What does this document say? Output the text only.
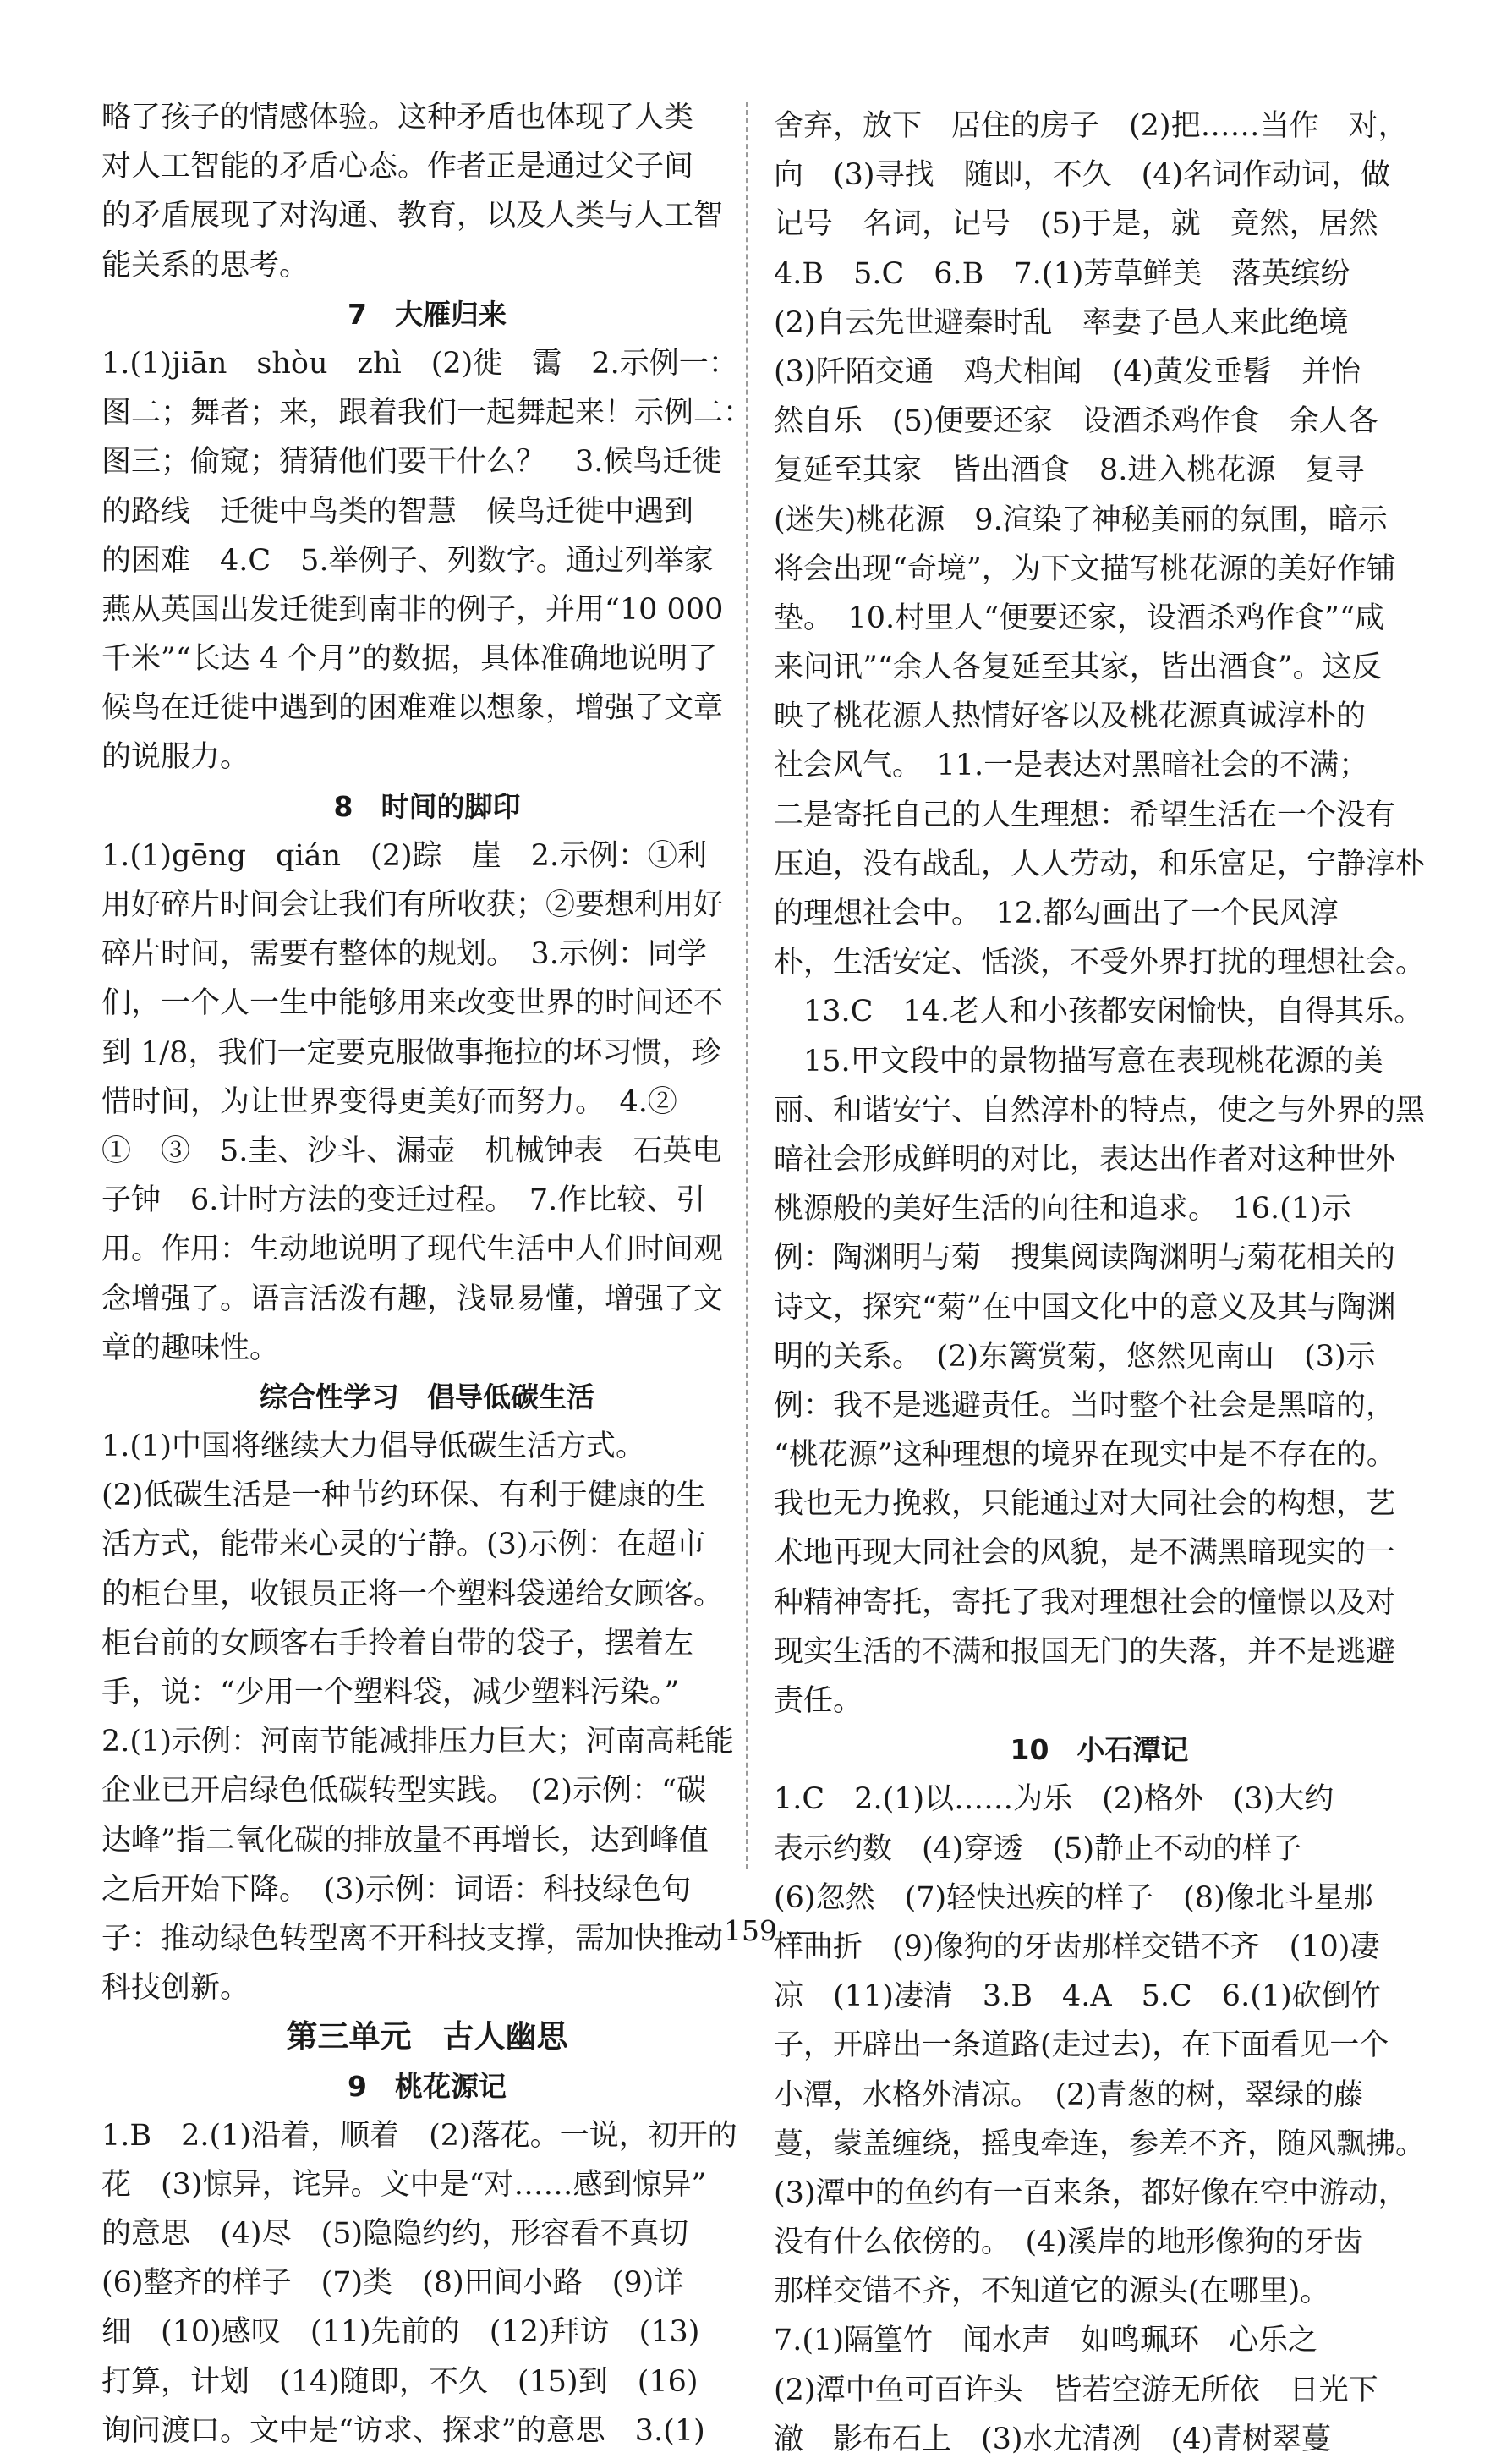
略了孩子的情感体验。这种矛盾也体现了人类
对人工智能的矛盾心态。作者正是通过父子间
的矛盾展现了对沟通、教育，以及人类与人工智
能关系的思考。
7　大雁归来
1.(1)jiān　shòu　zhì　(2)徙　霭　2.示例一：
图二；舞者；来，跟着我们一起舞起来！示例二：
图三；偷窥；猜猜他们要干什么？　3.候鸟迁徙
的路线　迁徙中鸟类的智慧　候鸟迁徙中遇到
的困难　4.C　5.举例子、列数字。通过列举家
燕从英国出发迁徙到南非的例子，并用“10 000
千米”“长达 4 个月”的数据，具体准确地说明了
候鸟在迁徙中遇到的困难难以想象，增强了文章
的说服力。
8　时间的脚印
1.(1)gēng　qián　(2)踪　崖　2.示例：①利
用好碎片时间会让我们有所收获；②要想利用好
碎片时间，需要有整体的规划。　3.示例：同学
们，一个人一生中能够用来改变世界的时间还不
到 1/8，我们一定要克服做事拖拉的坏习惯，珍
惜时间，为让世界变得更美好而努力。　4.②
①　③　5.圭、沙斗、漏壶　机械钟表　石英电
子钟　6.计时方法的变迁过程。　7.作比较、引
用。作用：生动地说明了现代生活中人们时间观
念增强了。语言活泼有趣，浅显易懂，增强了文
章的趣味性。
综合性学习　倡导低碳生活
1.(1)中国将继续大力倡导低碳生活方式。
(2)低碳生活是一种节约环保、有利于健康的生
活方式，能带来心灵的宁静。(3)示例：在超市
的柜台里，收银员正将一个塑料袋递给女顾客。
柜台前的女顾客右手拎着自带的袋子，摆着左
手，说：“少用一个塑料袋，减少塑料污染。”
2.(1)示例：河南节能减排压力巨大；河南高耗能
企业已开启绿色低碳转型实践。　(2)示例：“碳
达峰”指二氧化碳的排放量不再增长，达到峰值
之后开始下降。　(3)示例：词语：科技绿色句
子：推动绿色转型离不开科技支撑，需加快推动
科技创新。
第三单元　古人幽思
9　桃花源记
1.B　2.(1)沿着，顺着　(2)落花。一说，初开的
花　(3)惊异，诧异。文中是“对……感到惊异”
的意思　(4)尽　(5)隐隐约约，形容看不真切
(6)整齐的样子　(7)类　(8)田间小路　(9)详
细　(10)感叹　(11)先前的　(12)拜访　(13)
打算，计划　(14)随即，不久　(15)到　(16)
询问渡口。文中是“访求、探求”的意思　3.(1)
舍弃，放下　居住的房子　(2)把……当作　对，
向　(3)寻找　随即，不久　(4)名词作动词，做
记号　名词，记号　(5)于是，就　竟然，居然
4.B　5.C　6.B　7.(1)芳草鲜美　落英缤纷
(2)自云先世避秦时乱　率妻子邑人来此绝境
(3)阡陌交通　鸡犬相闻　(4)黄发垂髫　并怡
然自乐　(5)便要还家　设酒杀鸡作食　余人各
复延至其家　皆出酒食　8.进入桃花源　复寻
(迷失)桃花源　9.渲染了神秘美丽的氛围，暗示
将会出现“奇境”，为下文描写桃花源的美好作铺
垫。　10.村里人“便要还家，设酒杀鸡作食”“咸
来问讯”“余人各复延至其家，皆出酒食”。这反
映了桃花源人热情好客以及桃花源真诚淳朴的
社会风气。　11.一是表达对黑暗社会的不满；
二是寄托自己的人生理想：希望生活在一个没有
压迫，没有战乱，人人劳动，和乐富足，宁静淳朴
的理想社会中。　12.都勾画出了一个民风淳
朴，生活安定、恬淡，不受外界打扰的理想社会。
　13.C　14.老人和小孩都安闲愉快，自得其乐。
　15.甲文段中的景物描写意在表现桃花源的美
丽、和谐安宁、自然淳朴的特点，使之与外界的黑
暗社会形成鲜明的对比，表达出作者对这种世外
桃源般的美好生活的向往和追求。　16.(1)示
例：陶渊明与菊　搜集阅读陶渊明与菊花相关的
诗文，探究“菊”在中国文化中的意义及其与陶渊
明的关系。　(2)东篱赏菊，悠然见南山　(3)示
例：我不是逃避责任。当时整个社会是黑暗的，
“桃花源”这种理想的境界在现实中是不存在的。
我也无力挽救，只能通过对大同社会的构想，艺
术地再现大同社会的风貌，是不满黑暗现实的一
种精神寄托，寄托了我对理想社会的憧憬以及对
现实生活的不满和报国无门的失落，并不是逃避
责任。
10　小石潭记
1.C　2.(1)以……为乐　(2)格外　(3)大约
表示约数　(4)穿透　(5)静止不动的样子
(6)忽然　(7)轻快迅疾的样子　(8)像北斗星那
样曲折　(9)像狗的牙齿那样交错不齐　(10)凄
凉　(11)凄清　3.B　4.A　5.C　6.(1)砍倒竹
子，开辟出一条道路(走过去)，在下面看见一个
小潭，水格外清凉。　(2)青葱的树，翠绿的藤
蔓，蒙盖缠绕，摇曳牵连，参差不齐，随风飘拂。
(3)潭中的鱼约有一百来条，都好像在空中游动，
没有什么依傍的。　(4)溪岸的地形像狗的牙齿
那样交错不齐，不知道它的源头(在哪里)。
7.(1)隔篁竹　闻水声　如鸣珮环　心乐之
(2)潭中鱼可百许头　皆若空游无所依　日光下
澈　影布石上　(3)水尤清冽　(4)青树翠蔓
— 159 —
